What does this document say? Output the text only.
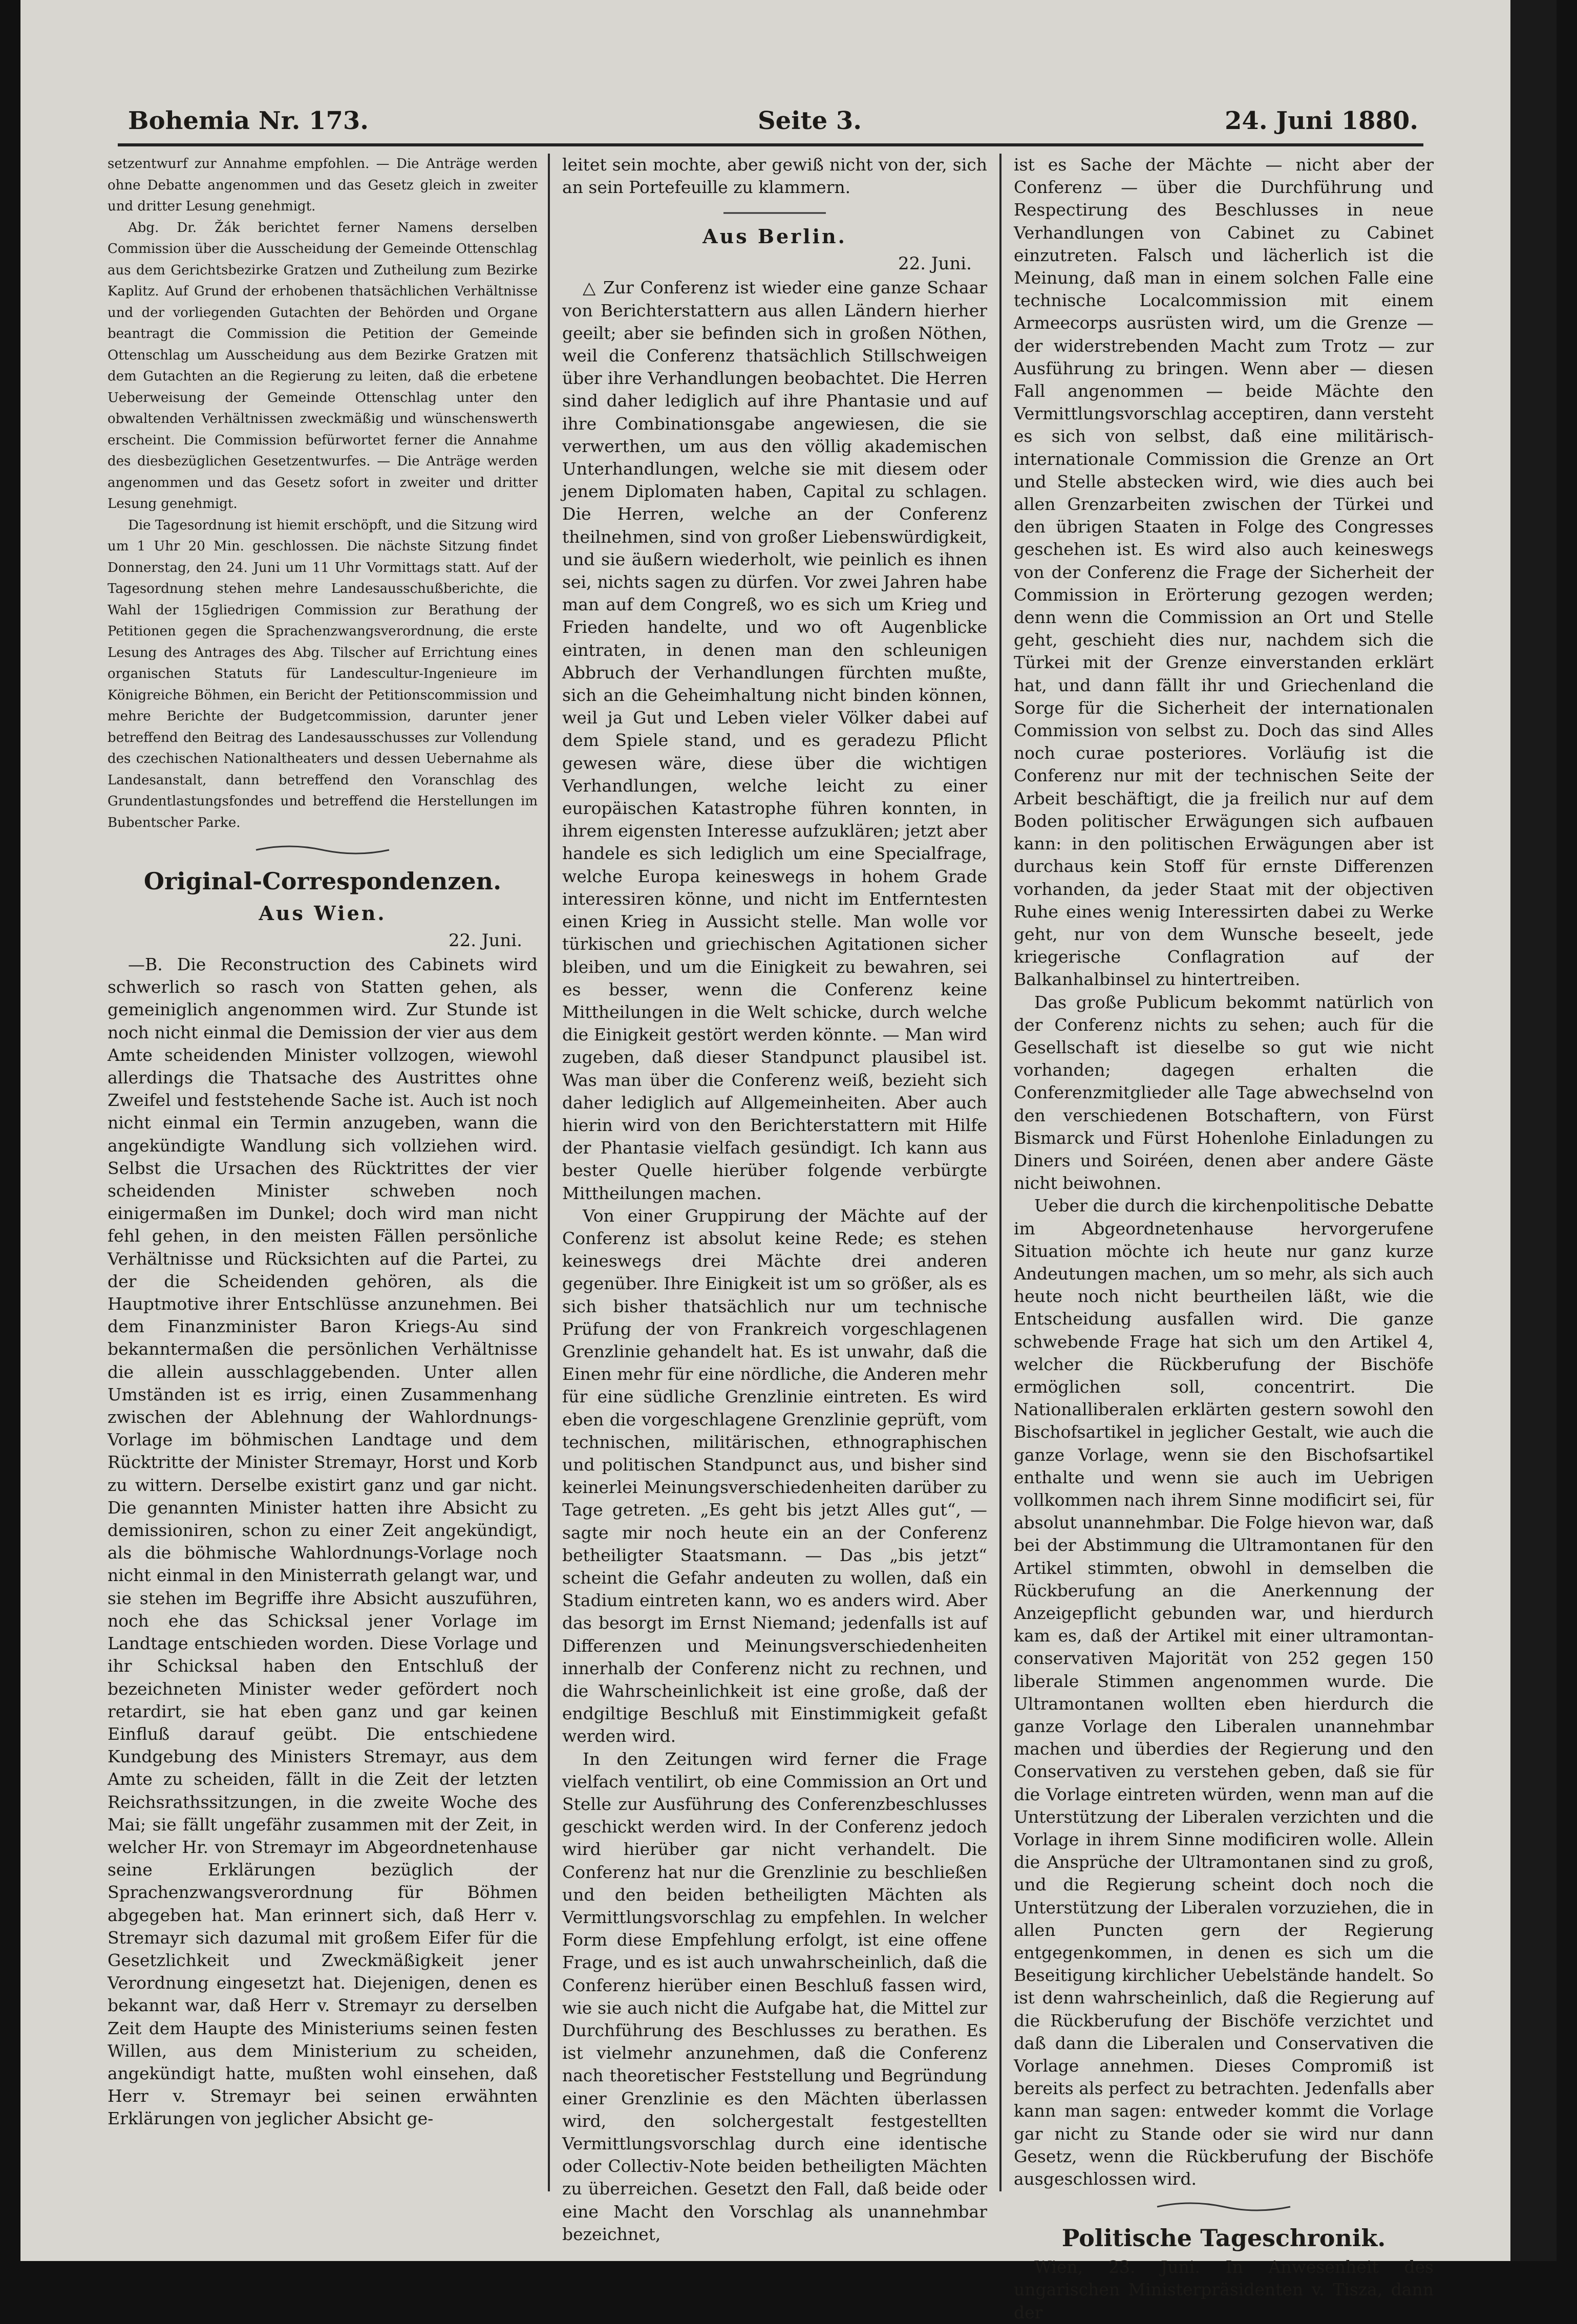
Bohemia Nr. 173.	Seite 3.	24. Juni 1880.

setzentwurf zur Annahme empfohlen. — Die Anträge werden ohne Debatte angenommen und das Gesetz gleich in zweiter und dritter Lesung genehmigt.

Abg. Dr. Žák berichtet ferner Namens derselben Commission über die Ausscheidung der Gemeinde Ottenschlag aus dem Gerichtsbezirke Gratzen und Zutheilung zum Bezirke Kaplitz. Auf Grund der erhobenen thatsächlichen Verhältnisse und der vorliegenden Gutachten der Behörden und Organe beantragt die Commission die Petition der Gemeinde Ottenschlag um Ausscheidung aus dem Bezirke Gratzen mit dem Gutachten an die Regierung zu leiten, daß die erbetene Ueberweisung der Gemeinde Ottenschlag unter den obwaltenden Verhältnissen zweckmäßig und wünschenswerth erscheint. Die Commission befürwortet ferner die Annahme des diesbezüglichen Gesetzentwurfes. — Die Anträge werden angenommen und das Gesetz sofort in zweiter und dritter Lesung genehmigt.

Die Tagesordnung ist hiemit erschöpft, und die Sitzung wird um 1 Uhr 20 Min. geschlossen. Die nächste Sitzung findet Donnerstag, den 24. Juni um 11 Uhr Vormittags statt. Auf der Tagesordnung stehen mehre Landesausschußberichte, die Wahl der 15gliedrigen Commission zur Berathung der Petitionen gegen die Sprachenzwangsverordnung, die erste Lesung des Antrages des Abg. Tilscher auf Errichtung eines organischen Statuts für Landescultur-Ingenieure im Königreiche Böhmen, ein Bericht der Petitionscommission und mehre Berichte der Budgetcommission, darunter jener betreffend den Beitrag des Landesausschusses zur Vollendung des czechischen Nationaltheaters und dessen Uebernahme als Landesanstalt, dann betreffend den Voranschlag des Grundentlastungsfondes und betreffend die Herstellungen im Bubentscher Parke.

Original-Correspondenzen.
Aus Wien.
22. Juni.

—B. Die Reconstruction des Cabinets wird schwerlich so rasch von Statten gehen, als gemeiniglich angenommen wird. Zur Stunde ist noch nicht einmal die Demission der vier aus dem Amte scheidenden Minister vollzogen, wiewohl allerdings die Thatsache des Austrittes ohne Zweifel und feststehende Sache ist. Auch ist noch nicht einmal ein Termin anzugeben, wann die angekündigte Wandlung sich vollziehen wird. Selbst die Ursachen des Rücktrittes der vier scheidenden Minister schweben noch einigermaßen im Dunkel; doch wird man nicht fehl gehen, in den meisten Fällen persönliche Verhältnisse und Rücksichten auf die Partei, zu der die Scheidenden gehören, als die Hauptmotive ihrer Entschlüsse anzunehmen. Bei dem Finanzminister Baron Kriegs-Au sind bekanntermaßen die persönlichen Verhältnisse die allein ausschlaggebenden. Unter allen Umständen ist es irrig, einen Zusammenhang zwischen der Ablehnung der Wahlordnungs-Vorlage im böhmischen Landtage und dem Rücktritte der Minister Stremayr, Horst und Korb zu wittern. Derselbe existirt ganz und gar nicht. Die genannten Minister hatten ihre Absicht zu demissioniren, schon zu einer Zeit angekündigt, als die böhmische Wahlordnungs-Vorlage noch nicht einmal in den Ministerrath gelangt war, und sie stehen im Begriffe ihre Absicht auszuführen, noch ehe das Schicksal jener Vorlage im Landtage entschieden worden. Diese Vorlage und ihr Schicksal haben den Entschluß der bezeichneten Minister weder gefördert noch retardirt, sie hat eben ganz und gar keinen Einfluß darauf geübt. Die entschiedene Kundgebung des Ministers Stremayr, aus dem Amte zu scheiden, fällt in die Zeit der letzten Reichsrathssitzungen, in die zweite Woche des Mai; sie fällt ungefähr zusammen mit der Zeit, in welcher Hr. von Stremayr im Abgeordnetenhause seine Erklärungen bezüglich der Sprachenzwangsverordnung für Böhmen abgegeben hat. Man erinnert sich, daß Herr v. Stremayr sich dazumal mit großem Eifer für die Gesetzlichkeit und Zweckmäßigkeit jener Verordnung eingesetzt hat. Diejenigen, denen es bekannt war, daß Herr v. Stremayr zu derselben Zeit dem Haupte des Ministeriums seinen festen Willen, aus dem Ministerium zu scheiden, angekündigt hatte, mußten wohl einsehen, daß Herr v. Stremayr bei seinen erwähnten Erklärungen von jeglicher Absicht ge-

leitet sein mochte, aber gewiß nicht von der, sich an sein Portefeuille zu klammern.

Aus Berlin.
22. Juni.

△ Zur Conferenz ist wieder eine ganze Schaar von Berichterstattern aus allen Ländern hierher geeilt; aber sie befinden sich in großen Nöthen, weil die Conferenz thatsächlich Stillschweigen über ihre Verhandlungen beobachtet. Die Herren sind daher lediglich auf ihre Phantasie und auf ihre Combinationsgabe angewiesen, die sie verwerthen, um aus den völlig akademischen Unterhandlungen, welche sie mit diesem oder jenem Diplomaten haben, Capital zu schlagen. Die Herren, welche an der Conferenz theilnehmen, sind von großer Liebenswürdigkeit, und sie äußern wiederholt, wie peinlich es ihnen sei, nichts sagen zu dürfen. Vor zwei Jahren habe man auf dem Congreß, wo es sich um Krieg und Frieden handelte, und wo oft Augenblicke eintraten, in denen man den schleunigen Abbruch der Verhandlungen fürchten mußte, sich an die Geheimhaltung nicht binden können, weil ja Gut und Leben vieler Völker dabei auf dem Spiele stand, und es geradezu Pflicht gewesen wäre, diese über die wichtigen Verhandlungen, welche leicht zu einer europäischen Katastrophe führen konnten, in ihrem eigensten Interesse aufzuklären; jetzt aber handele es sich lediglich um eine Specialfrage, welche Europa keineswegs in hohem Grade interessiren könne, und nicht im Entferntesten einen Krieg in Aussicht stelle. Man wolle vor türkischen und griechischen Agitationen sicher bleiben, und um die Einigkeit zu bewahren, sei es besser, wenn die Conferenz keine Mittheilungen in die Welt schicke, durch welche die Einigkeit gestört werden könnte. — Man wird zugeben, daß dieser Standpunct plausibel ist. Was man über die Conferenz weiß, bezieht sich daher lediglich auf Allgemeinheiten. Aber auch hierin wird von den Berichterstattern mit Hilfe der Phantasie vielfach gesündigt. Ich kann aus bester Quelle hierüber folgende verbürgte Mittheilungen machen.

Von einer Gruppirung der Mächte auf der Conferenz ist absolut keine Rede; es stehen keineswegs drei Mächte drei anderen gegenüber. Ihre Einigkeit ist um so größer, als es sich bisher thatsächlich nur um technische Prüfung der von Frankreich vorgeschlagenen Grenzlinie gehandelt hat. Es ist unwahr, daß die Einen mehr für eine nördliche, die Anderen mehr für eine südliche Grenzlinie eintreten. Es wird eben die vorgeschlagene Grenzlinie geprüft, vom technischen, militärischen, ethnographischen und politischen Standpunct aus, und bisher sind keinerlei Meinungsverschiedenheiten darüber zu Tage getreten. „Es geht bis jetzt Alles gut“, — sagte mir noch heute ein an der Conferenz betheiligter Staatsmann. — Das „bis jetzt“ scheint die Gefahr andeuten zu wollen, daß ein Stadium eintreten kann, wo es anders wird. Aber das besorgt im Ernst Niemand; jedenfalls ist auf Differenzen und Meinungsverschiedenheiten innerhalb der Conferenz nicht zu rechnen, und die Wahrscheinlichkeit ist eine große, daß der endgiltige Beschluß mit Einstimmigkeit gefaßt werden wird.

In den Zeitungen wird ferner die Frage vielfach ventilirt, ob eine Commission an Ort und Stelle zur Ausführung des Conferenzbeschlusses geschickt werden wird. In der Conferenz jedoch wird hierüber gar nicht verhandelt. Die Conferenz hat nur die Grenzlinie zu beschließen und den beiden betheiligten Mächten als Vermittlungsvorschlag zu empfehlen. In welcher Form diese Empfehlung erfolgt, ist eine offene Frage, und es ist auch unwahrscheinlich, daß die Conferenz hierüber einen Beschluß fassen wird, wie sie auch nicht die Aufgabe hat, die Mittel zur Durchführung des Beschlusses zu berathen. Es ist vielmehr anzunehmen, daß die Conferenz nach theoretischer Feststellung und Begründung einer Grenzlinie es den Mächten überlassen wird, den solchergestalt festgestellten Vermittlungsvorschlag durch eine identische oder Collectiv-Note beiden betheiligten Mächten zu überreichen. Gesetzt den Fall, daß beide oder eine Macht den Vorschlag als unannehmbar bezeichnet,

ist es Sache der Mächte — nicht aber der Conferenz — über die Durchführung und Respectirung des Beschlusses in neue Verhandlungen von Cabinet zu Cabinet einzutreten. Falsch und lächerlich ist die Meinung, daß man in einem solchen Falle eine technische Localcommission mit einem Armeecorps ausrüsten wird, um die Grenze — der widerstrebenden Macht zum Trotz — zur Ausführung zu bringen. Wenn aber — diesen Fall angenommen — beide Mächte den Vermittlungsvorschlag acceptiren, dann versteht es sich von selbst, daß eine militärisch-internationale Commission die Grenze an Ort und Stelle abstecken wird, wie dies auch bei allen Grenzarbeiten zwischen der Türkei und den übrigen Staaten in Folge des Congresses geschehen ist. Es wird also auch keineswegs von der Conferenz die Frage der Sicherheit der Commission in Erörterung gezogen werden; denn wenn die Commission an Ort und Stelle geht, geschieht dies nur, nachdem sich die Türkei mit der Grenze einverstanden erklärt hat, und dann fällt ihr und Griechenland die Sorge für die Sicherheit der internationalen Commission von selbst zu. Doch das sind Alles noch curae posteriores. Vorläufig ist die Conferenz nur mit der technischen Seite der Arbeit beschäftigt, die ja freilich nur auf dem Boden politischer Erwägungen sich aufbauen kann: in den politischen Erwägungen aber ist durchaus kein Stoff für ernste Differenzen vorhanden, da jeder Staat mit der objectiven Ruhe eines wenig Interessirten dabei zu Werke geht, nur von dem Wunsche beseelt, jede kriegerische Conflagration auf der Balkanhalbinsel zu hintertreiben.

Das große Publicum bekommt natürlich von der Conferenz nichts zu sehen; auch für die Gesellschaft ist dieselbe so gut wie nicht vorhanden; dagegen erhalten die Conferenzmitglieder alle Tage abwechselnd von den verschiedenen Botschaftern, von Fürst Bismarck und Fürst Hohenlohe Einladungen zu Diners und Soiréen, denen aber andere Gäste nicht beiwohnen.

Ueber die durch die kirchenpolitische Debatte im Abgeordnetenhause hervorgerufene Situation möchte ich heute nur ganz kurze Andeutungen machen, um so mehr, als sich auch heute noch nicht beurtheilen läßt, wie die Entscheidung ausfallen wird. Die ganze schwebende Frage hat sich um den Artikel 4, welcher die Rückberufung der Bischöfe ermöglichen soll, concentrirt. Die Nationalliberalen erklärten gestern sowohl den Bischofsartikel in jeglicher Gestalt, wie auch die ganze Vorlage, wenn sie den Bischofsartikel enthalte und wenn sie auch im Uebrigen vollkommen nach ihrem Sinne modificirt sei, für absolut unannehmbar. Die Folge hievon war, daß bei der Abstimmung die Ultramontanen für den Artikel stimmten, obwohl in demselben die Rückberufung an die Anerkennung der Anzeigepflicht gebunden war, und hierdurch kam es, daß der Artikel mit einer ultramontan-conservativen Majorität von 252 gegen 150 liberale Stimmen angenommen wurde. Die Ultramontanen wollten eben hierdurch die ganze Vorlage den Liberalen unannehmbar machen und überdies der Regierung und den Conservativen zu verstehen geben, daß sie für die Vorlage eintreten würden, wenn man auf die Unterstützung der Liberalen verzichten und die Vorlage in ihrem Sinne modificiren wolle. Allein die Ansprüche der Ultramontanen sind zu groß, und die Regierung scheint doch noch die Unterstützung der Liberalen vorzuziehen, die in allen Puncten gern der Regierung entgegenkommen, in denen es sich um die Beseitigung kirchlicher Uebelstände handelt. So ist denn wahrscheinlich, daß die Regierung auf die Rückberufung der Bischöfe verzichtet und daß dann die Liberalen und Conservativen die Vorlage annehmen. Dieses Compromiß ist bereits als perfect zu betrachten. Jedenfalls aber kann man sagen: entweder kommt die Vorlage gar nicht zu Stande oder sie wird nur dann Gesetz, wenn die Rückberufung der Bischöfe ausgeschlossen wird.

Politische Tageschronik.

Wien, 23. Juni. In Anwesenheit des ungarischen Ministerpräsidenten v. Tisza, dann der
